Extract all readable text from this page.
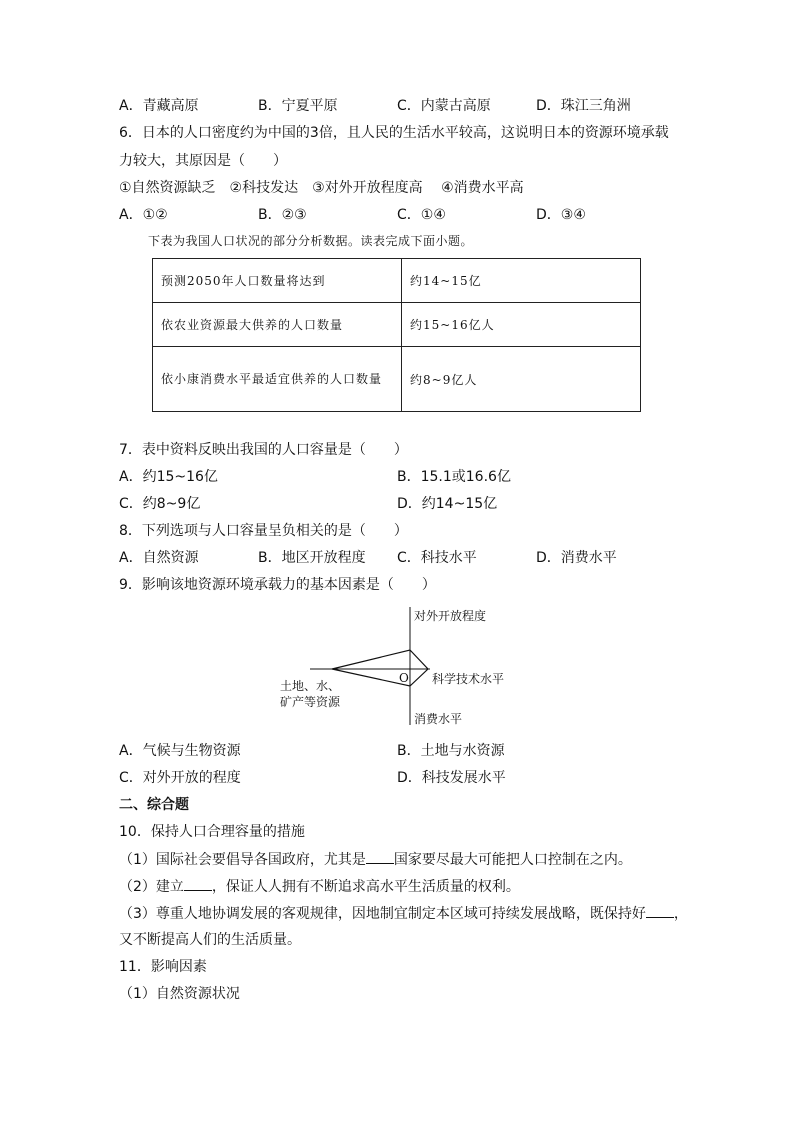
A．青藏高原	B．宁夏平原	C．内蒙古高原	D．珠江三角洲
6．日本的人口密度约为中国的3倍，且人民的生活水平较高，这说明日本的资源环境承载
力较大，其原因是（　　）
①自然资源缺乏　②科技发达　③对外开放程度高　 ④消费水平高
A．①②	B．②③	C．①④	D．③④
下表为我国人口状况的部分分析数据。读表完成下面小题。
预测2050年人口数量将达到	约14~15亿
依农业资源最大供养的人口数量	约15~16亿人
依小康消费水平最适宜供养的人口数量	约8~9亿人
7．表中资料反映出我国的人口容量是（　　）
A．约15~16亿	B．15.1或16.6亿
C．约8~9亿	D．约14~15亿
8．下列选项与人口容量呈负相关的是（　　）
A．自然资源	B．地区开放程度 C．科技水平	D．消费水平
9．影响该地资源环境承载力的基本因素是（　　）
对外开放程度
科学技术水平
消费水平
土地、水、
矿产等资源
O
A．气候与生物资源	B．土地与水资源
C．对外开放的程度	D．科技发展水平
二、综合题
10．保持人口合理容量的措施
（1）国际社会要倡导各国政府，尤其是 国家要尽最大可能把人口控制在之内。
（2）建立 ，保证人人拥有不断追求高水平生活质量的权利。
（3）尊重人地协调发展的客观规律，因地制宜制定本区域可持续发展战略，既保持好 ，
又不断提高人们的生活质量。
11．影响因素
（1）自然资源状况
